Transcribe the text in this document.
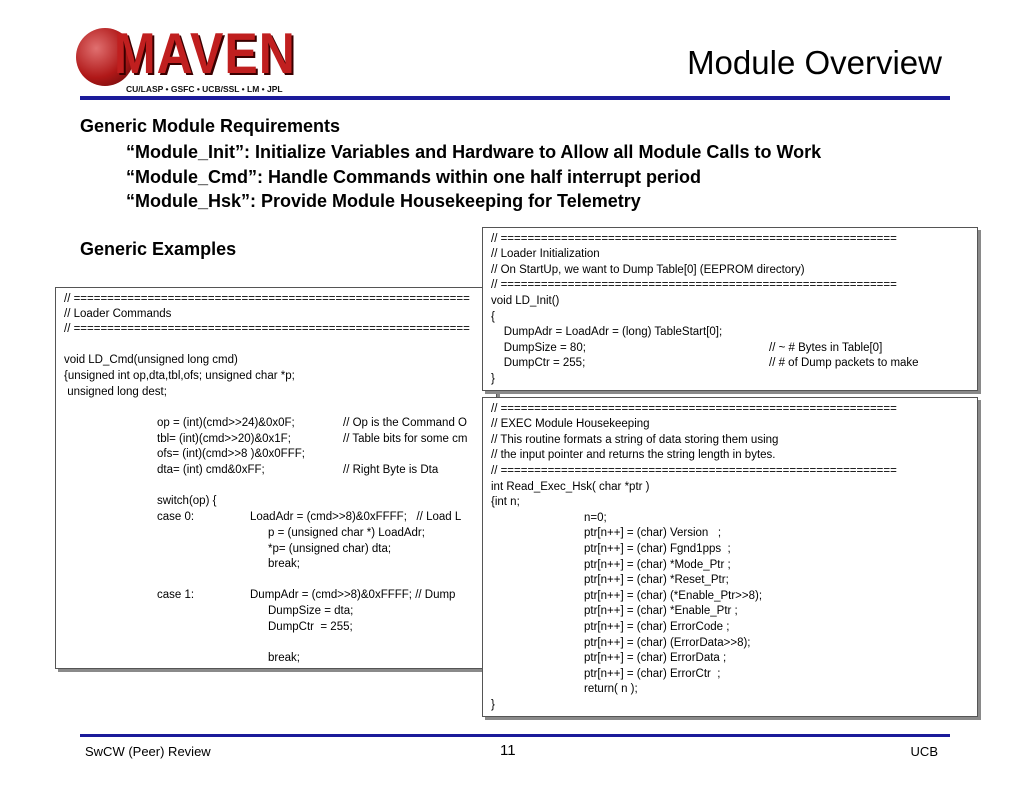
MAVEN
CU/LASP • GSFC • UCB/SSL • LM • JPL
Module Overview
Generic Module Requirements
“Module_Init”: Initialize Variables and Hardware to Allow all Module Calls to Work
“Module_Cmd”: Handle Commands within one half interrupt period
“Module_Hsk”: Provide Module Housekeeping for Telemetry
Generic Examples
// ===========================================================
// Loader Commands
// ===========================================================
void LD_Cmd(unsigned long cmd)
{unsigned int op,dta,tbl,ofs; unsigned char *p;
unsigned long dest;
op = (int)(cmd>>24)&0x0F;	// Op is the Command O
tbl= (int)(cmd>>20)&0x1F;	// Table bits for some cm
ofs= (int)(cmd>>8 )&0x0FFF;
dta= (int) cmd&0xFF;	// Right Byte is Dta
switch(op) {
case 0:	LoadAdr = (cmd>>8)&0xFFFF;   // Load L
p = (unsigned char *) LoadAdr;
*p= (unsigned char) dta;
break;
case 1:	DumpAdr = (cmd>>8)&0xFFFF; // Dump
DumpSize = dta;
DumpCtr  = 255;
break;
// ===========================================================
// Loader Initialization
// On StartUp, we want to Dump Table[0] (EEPROM directory)
// ===========================================================
void LD_Init()
{
DumpAdr = LoadAdr = (long) TableStart[0];
DumpSize = 80;	// ~ # Bytes in Table[0]
DumpCtr = 255;	// # of Dump packets to make
}
// ===========================================================
// EXEC Module Housekeeping
// This routine formats a string of data storing them using
// the input pointer and returns the string length in bytes.
// ===========================================================
int Read_Exec_Hsk( char *ptr )
{int n;
n=0;
ptr[n++] = (char) Version   ;
ptr[n++] = (char) Fgnd1pps  ;
ptr[n++] = (char) *Mode_Ptr ;
ptr[n++] = (char) *Reset_Ptr;
ptr[n++] = (char) (*Enable_Ptr>>8);
ptr[n++] = (char) *Enable_Ptr ;
ptr[n++] = (char) ErrorCode ;
ptr[n++] = (char) (ErrorData>>8);
ptr[n++] = (char) ErrorData ;
ptr[n++] = (char) ErrorCtr  ;
return( n );
}
SwCW (Peer) Review	11	UCB
